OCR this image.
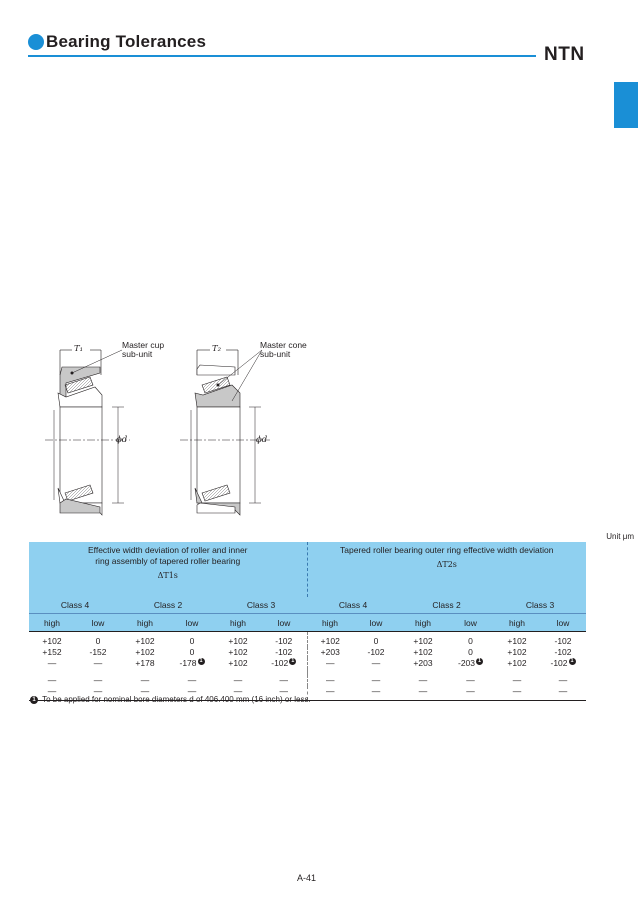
Bearing Tolerances
NTN
T₁	Master cup
sub-unit
ϕd
T₂	Master cone
sub-unit
ϕd
Unit μm
Effective width deviation of roller and inner
ring assembly of tapered roller bearing
ΔT1s						Tapered roller bearing outer ring effective width deviation
ΔT2s					

Class 4		Class 2		Class 3		Class 4		Class 2		Class 3	
high	low	high	low	high	low	high	low	high	low	high	low
+102	0	+102	0	+102	-102	+102	0	+102	0	+102	-102
+152	-152	+102	0	+102	-102	+203	-102	+102	0	+102	-102
—	—	+178	-178 1	+102	-102 1	—	—	+203	-203 1	+102	-102 1

—	—	—	—	—	—	—	—	—	—	—	—
—	—	—	—	—	—	—	—	—	—	—	—
1 To be applied for nominal bore diameters d of 406.400 mm (16 inch) or less.
A-41
